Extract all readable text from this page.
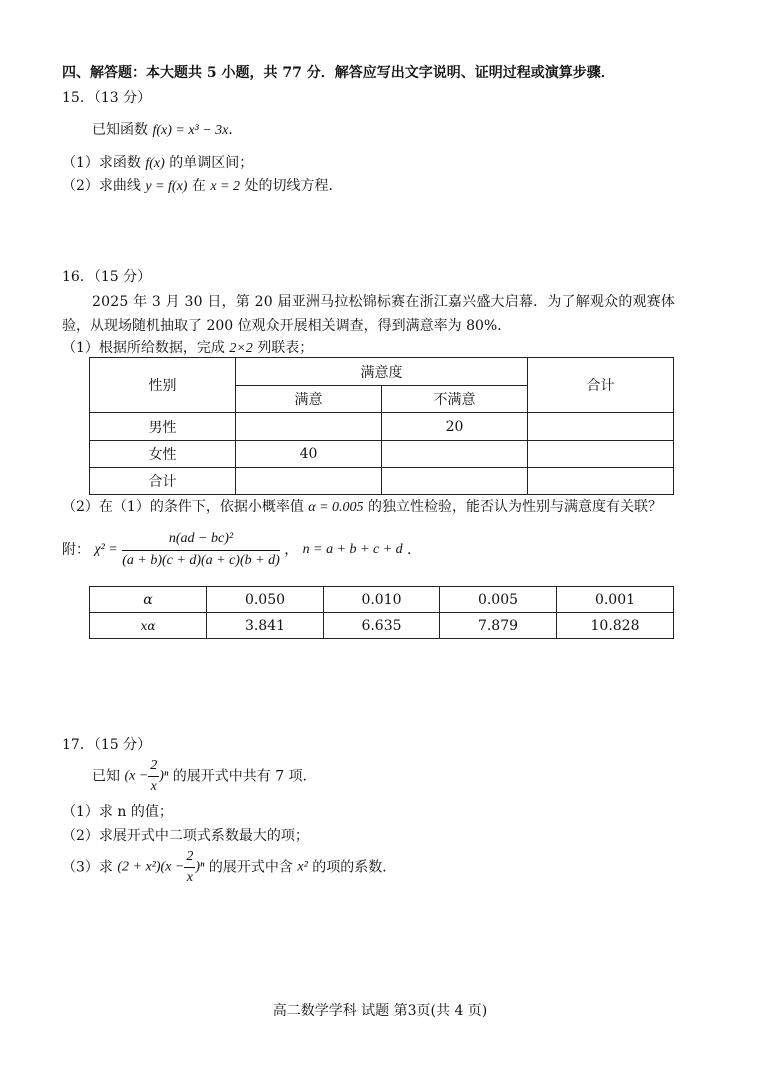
四、解答题：本大题共 5 小题，共 77 分．解答应写出文字说明、证明过程或演算步骤．
15．（13 分）
已知函数 f(x) = x³ − 3x．
（1）求函数 f(x) 的单调区间；
（2）求曲线 y = f(x) 在 x = 2 处的切线方程．
16．（15 分）
2025 年 3 月 30 日，第 20 届亚洲马拉松锦标赛在浙江嘉兴盛大启幕．为了解观众的观赛体
验，从现场随机抽取了 200 位观众开展相关调查，得到满意率为 80%．
（1）根据所给数据，完成 2×2 列联表；
性别	满意度		合计
	满意	不满意	
男性		20	
女性	40		
合计			
（2）在（1）的条件下，依据小概率值 α = 0.005 的独立性检验，能否认为性别与满意度有关联？
附： $\chi^2 = \frac{\text{n(ad − bc)²}}{(a + b)(c + d)(a + c)(b + d)}$ ， n = a + b + c + d ．
α	0.050	0.010	0.005	0.001
xα	3.841	6.635	7.879	10.828
17．（15 分）
已知 $(x - \frac{2}{x} )^n$ 的展开式中共有 7 项．
（1）求 n 的值；
（2）求展开式中二项式系数最大的项；
（3）求 $(2 + x^2)(x - \frac{2}{x} )^n$ 的展开式中含 x² 的项的系数．
高二数学学科 试题 第3页(共 4 页)
